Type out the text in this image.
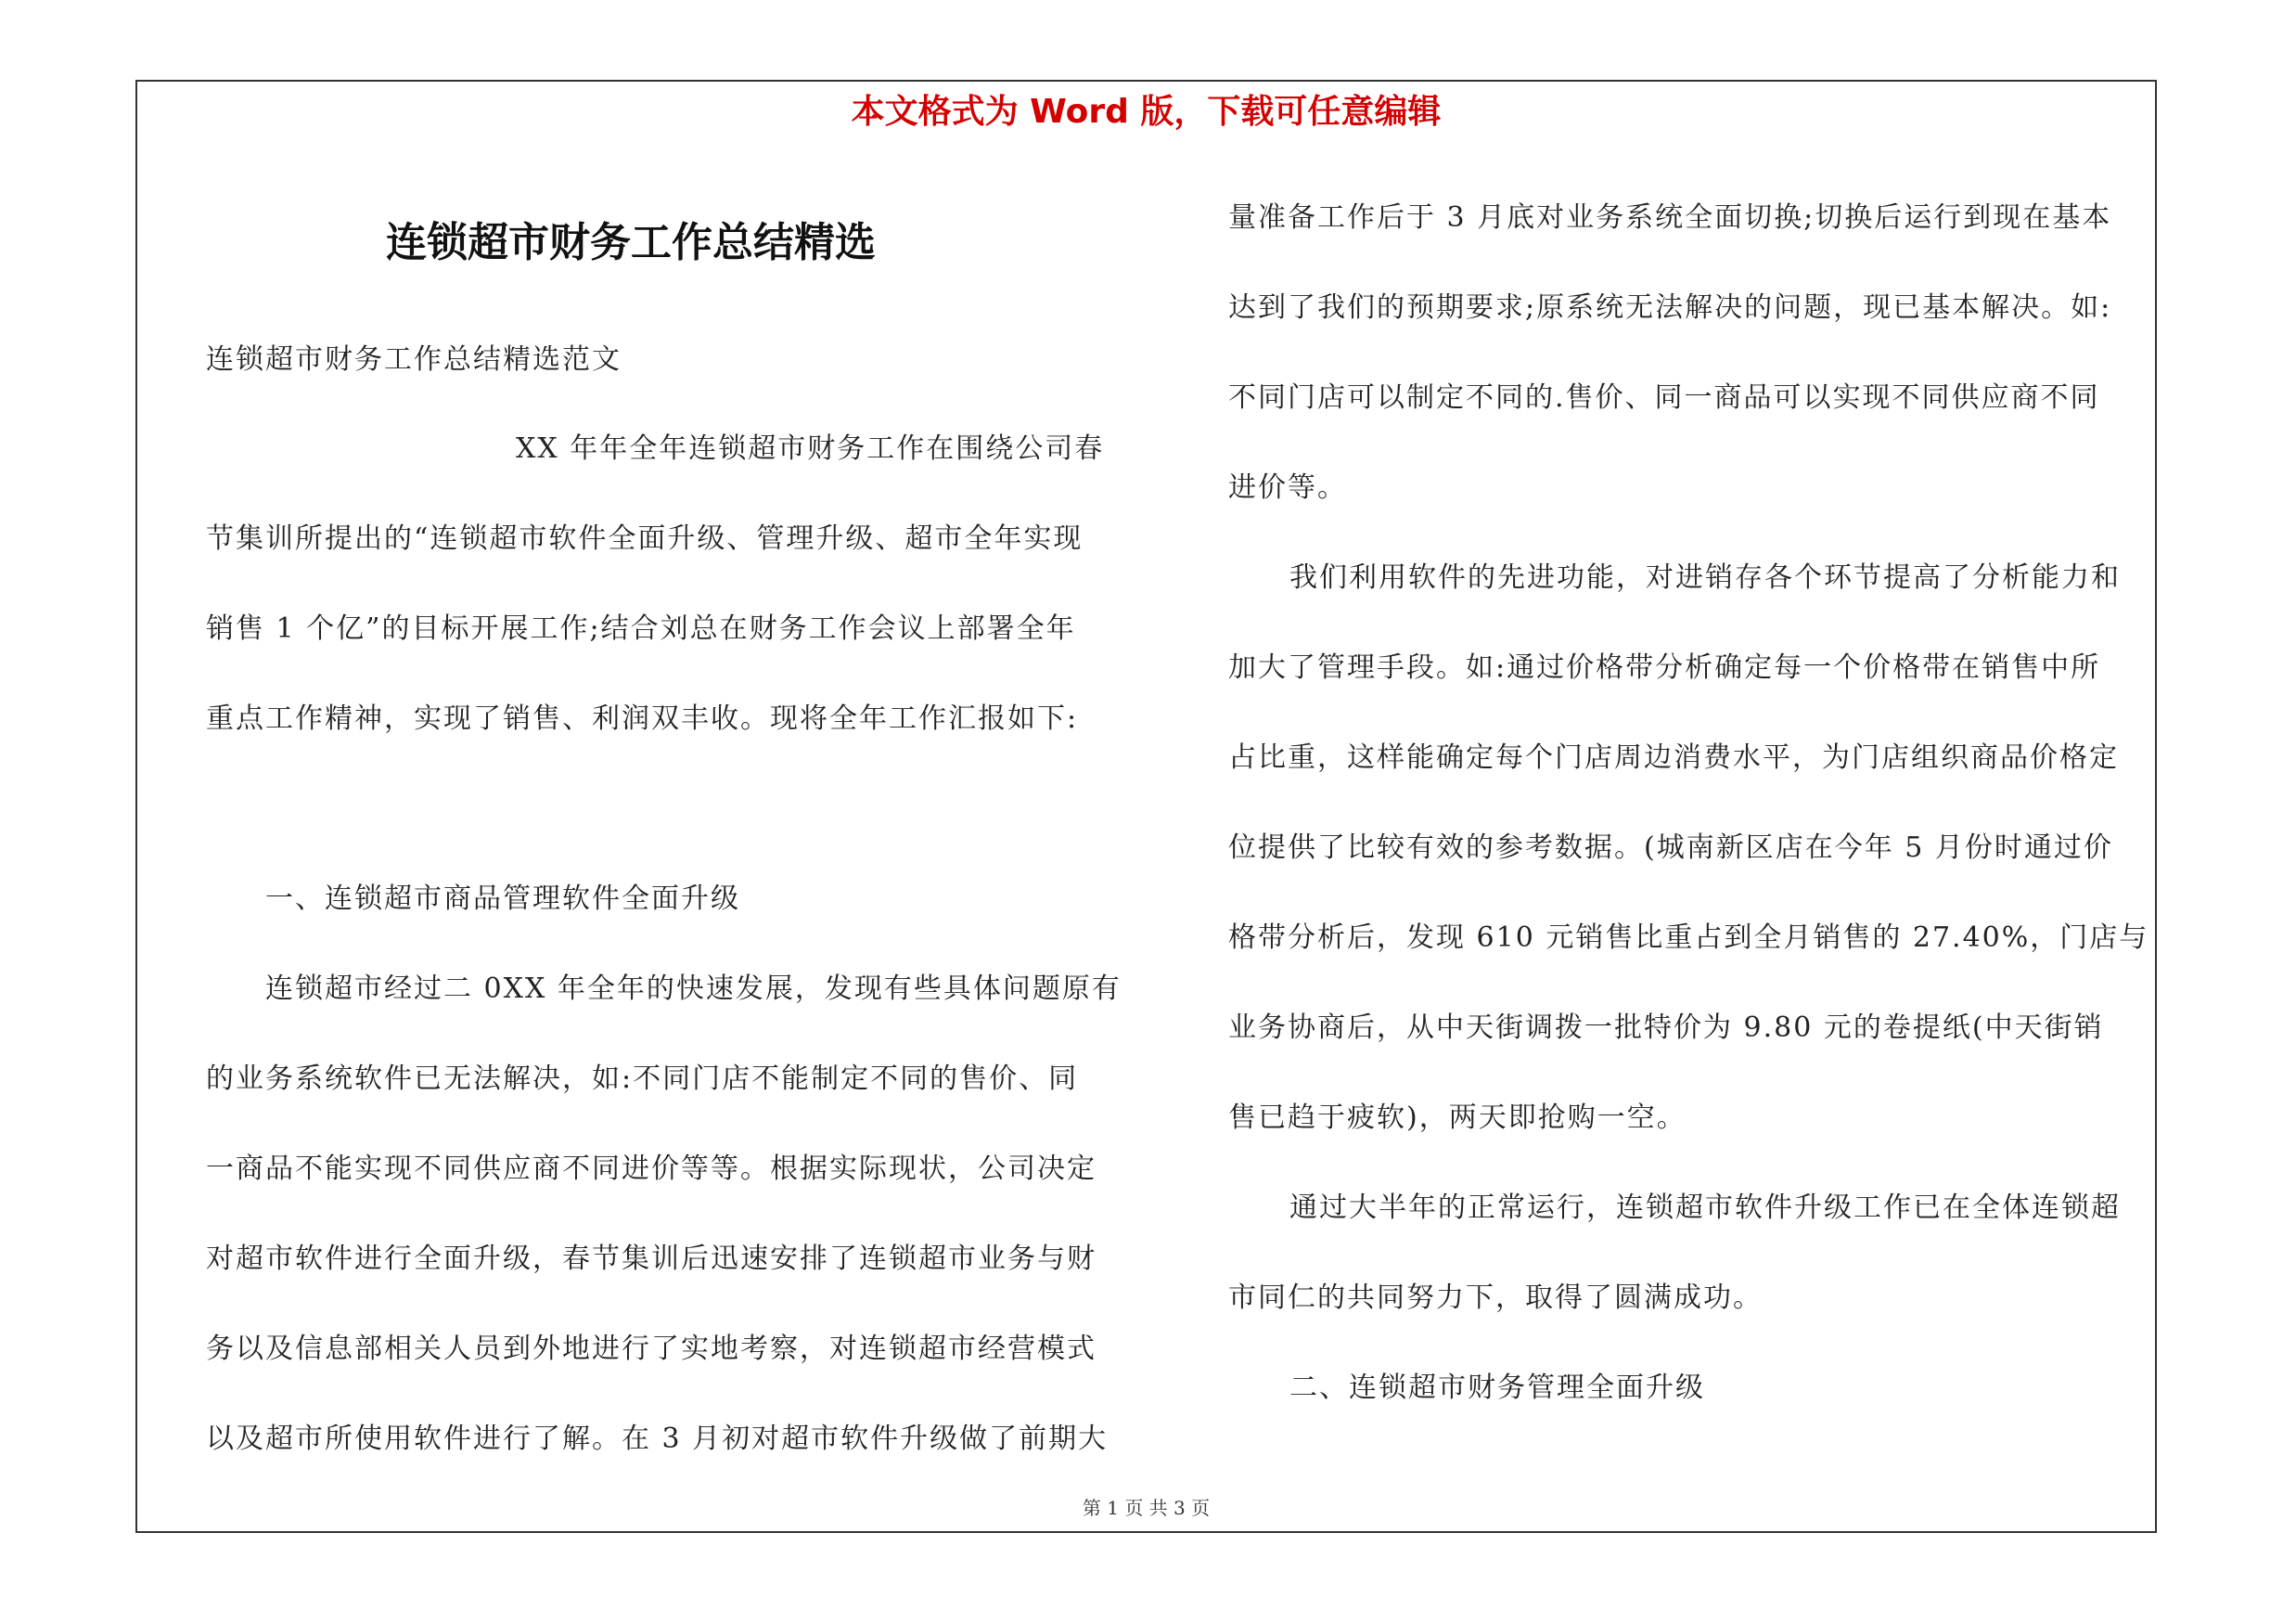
本文格式为 Word 版，下载可任意编辑
连锁超市财务工作总结精选
连锁超市财务工作总结精选范文
XX 年年全年连锁超市财务工作在围绕公司春
节集训所提出的“连锁超市软件全面升级、管理升级、超市全年实现
销售 1 个亿”的目标开展工作;结合刘总在财务工作会议上部署全年
重点工作精神，实现了销售、利润双丰收。现将全年工作汇报如下:
一、连锁超市商品管理软件全面升级
连锁超市经过二 0XX 年全年的快速发展，发现有些具体问题原有
的业务系统软件已无法解决，如:不同门店不能制定不同的售价、同
一商品不能实现不同供应商不同进价等等。根据实际现状，公司决定
对超市软件进行全面升级，春节集训后迅速安排了连锁超市业务与财
务以及信息部相关人员到外地进行了实地考察，对连锁超市经营模式
以及超市所使用软件进行了解。在 3 月初对超市软件升级做了前期大
量准备工作后于 3 月底对业务系统全面切换;切换后运行到现在基本
达到了我们的预期要求;原系统无法解决的问题，现已基本解决。如:
不同门店可以制定不同的.售价、同一商品可以实现不同供应商不同
进价等。
我们利用软件的先进功能，对进销存各个环节提高了分析能力和
加大了管理手段。如:通过价格带分析确定每一个价格带在销售中所
占比重，这样能确定每个门店周边消费水平，为门店组织商品价格定
位提供了比较有效的参考数据。(城南新区店在今年 5 月份时通过价
格带分析后，发现 610 元销售比重占到全月销售的 27.40%，门店与
业务协商后，从中天街调拨一批特价为 9.80 元的卷提纸(中天街销
售已趋于疲软)，两天即抢购一空。
通过大半年的正常运行，连锁超市软件升级工作已在全体连锁超
市同仁的共同努力下，取得了圆满成功。
二、连锁超市财务管理全面升级
第 1 页 共 3 页
